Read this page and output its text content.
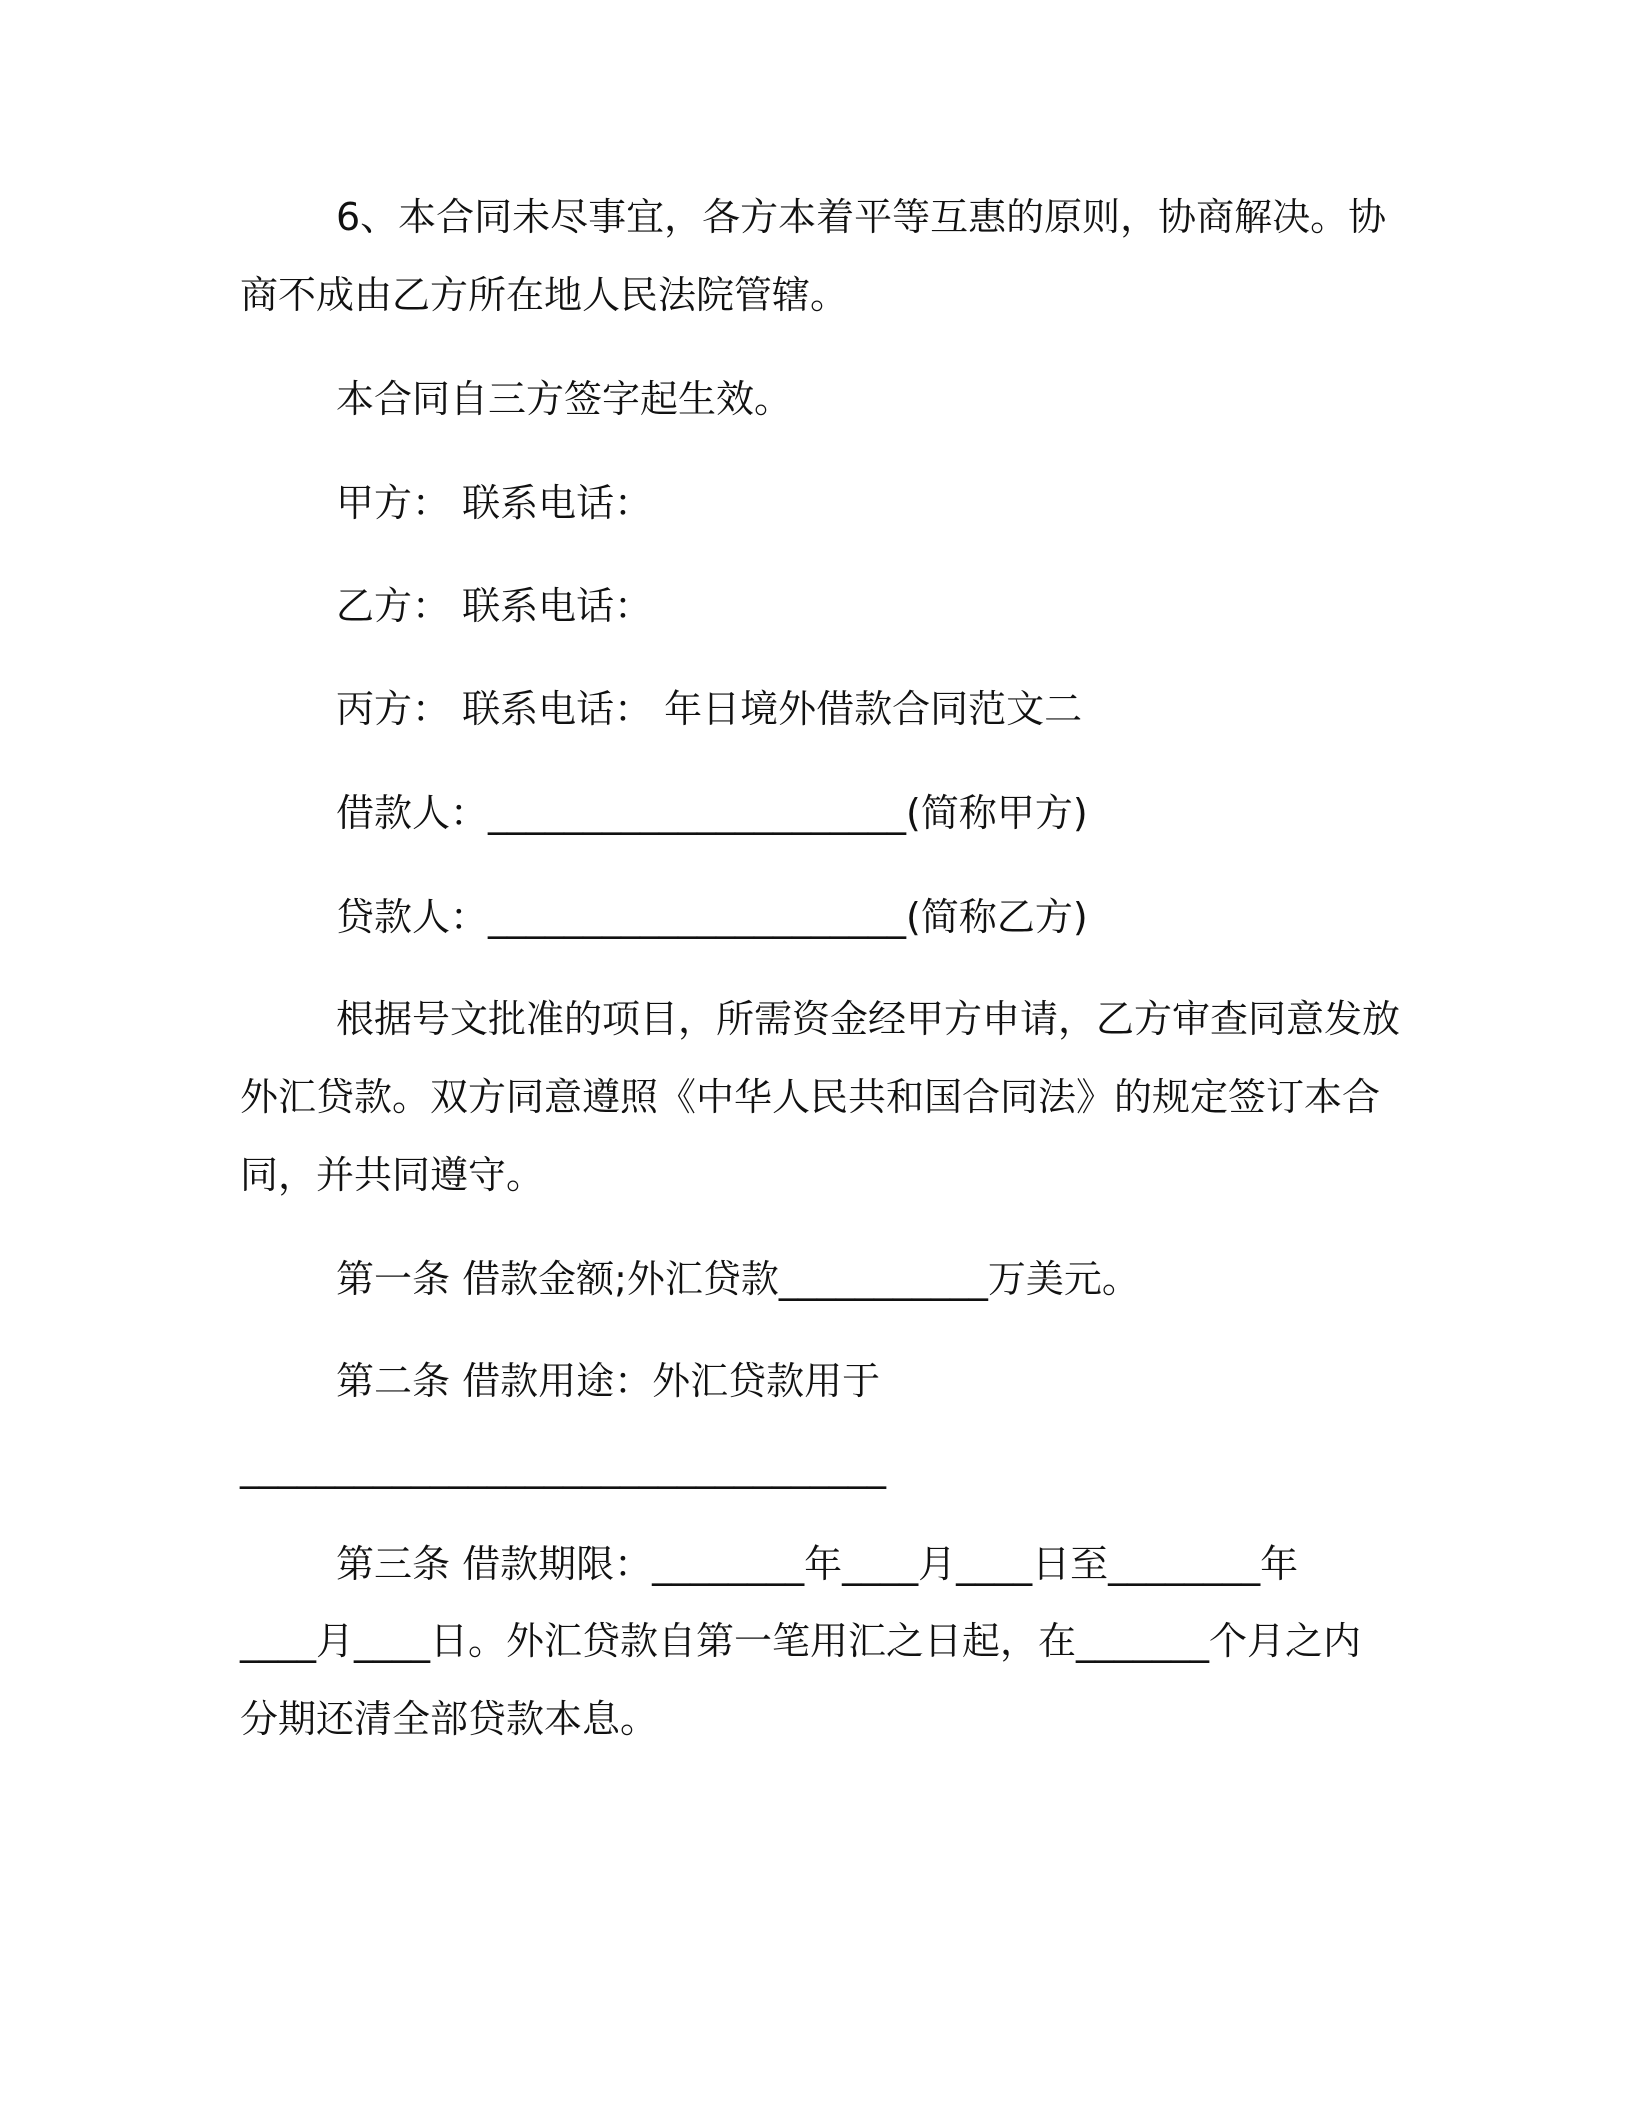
6、本合同未尽事宜，各方本着平等互惠的原则，协商解决。协
商不成由乙方所在地人民法院管辖。
本合同自三方签字起生效。
甲方： 联系电话：
乙方： 联系电话：
丙方： 联系电话： 年日境外借款合同范文二
借款人：______________________(简称甲方)
贷款人：______________________(简称乙方)
根据号文批准的项目，所需资金经甲方申请，乙方审查同意发放
外汇贷款。双方同意遵照《中华人民共和国合同法》的规定签订本合
同，并共同遵守。
第一条 借款金额;外汇贷款___________万美元。
第二条 借款用途：外汇贷款用于
__________________________________
第三条 借款期限：________年____月____日至________年
____月____日。外汇贷款自第一笔用汇之日起，在_______个月之内
分期还清全部贷款本息。
